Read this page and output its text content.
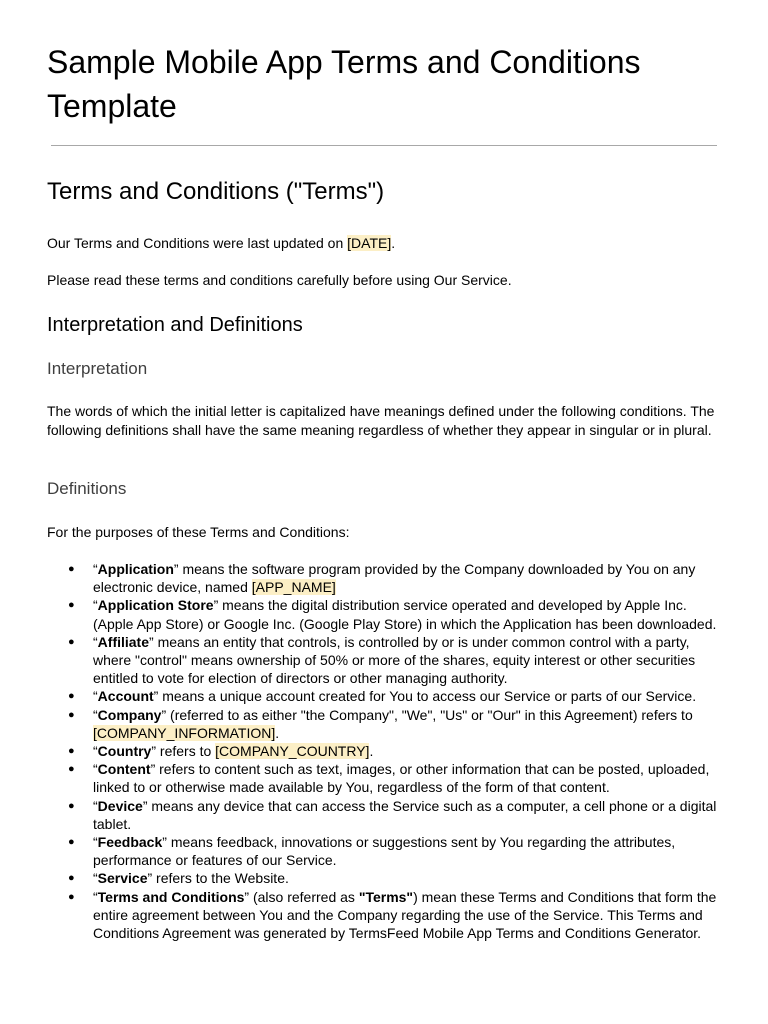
Sample Mobile App Terms and Conditions Template
Terms and Conditions ("Terms")

Our Terms and Conditions were last updated on [DATE].

Please read these terms and conditions carefully before using Our Service.

Interpretation and Definitions
Interpretation

The words of which the initial letter is capitalized have meanings defined under the following conditions. The following definitions shall have the same meaning regardless of whether they appear in singular or in plural.

Definitions

For the purposes of these Terms and Conditions:

● “Application” means the software program provided by the Company downloaded by You on any electronic device, named [APP_NAME]
● “Application Store” means the digital distribution service operated and developed by Apple Inc. (Apple App Store) or Google Inc. (Google Play Store) in which the Application has been downloaded.
● “Affiliate” means an entity that controls, is controlled by or is under common control with a party, where "control" means ownership of 50% or more of the shares, equity interest or other securities entitled to vote for election of directors or other managing authority.
● “Account” means a unique account created for You to access our Service or parts of our Service.
● “Company” (referred to as either "the Company", "We", "Us" or "Our" in this Agreement) refers to [COMPANY_INFORMATION].
● “Country” refers to [COMPANY_COUNTRY].
● “Content” refers to content such as text, images, or other information that can be posted, uploaded, linked to or otherwise made available by You, regardless of the form of that content.
● “Device” means any device that can access the Service such as a computer, a cell phone or a digital tablet.
● “Feedback” means feedback, innovations or suggestions sent by You regarding the attributes, performance or features of our Service.
● “Service” refers to the Website.
● “Terms and Conditions” (also referred as "Terms") mean these Terms and Conditions that form the entire agreement between You and the Company regarding the use of the Service. This Terms and Conditions Agreement was generated by TermsFeed Mobile App Terms and Conditions Generator.
